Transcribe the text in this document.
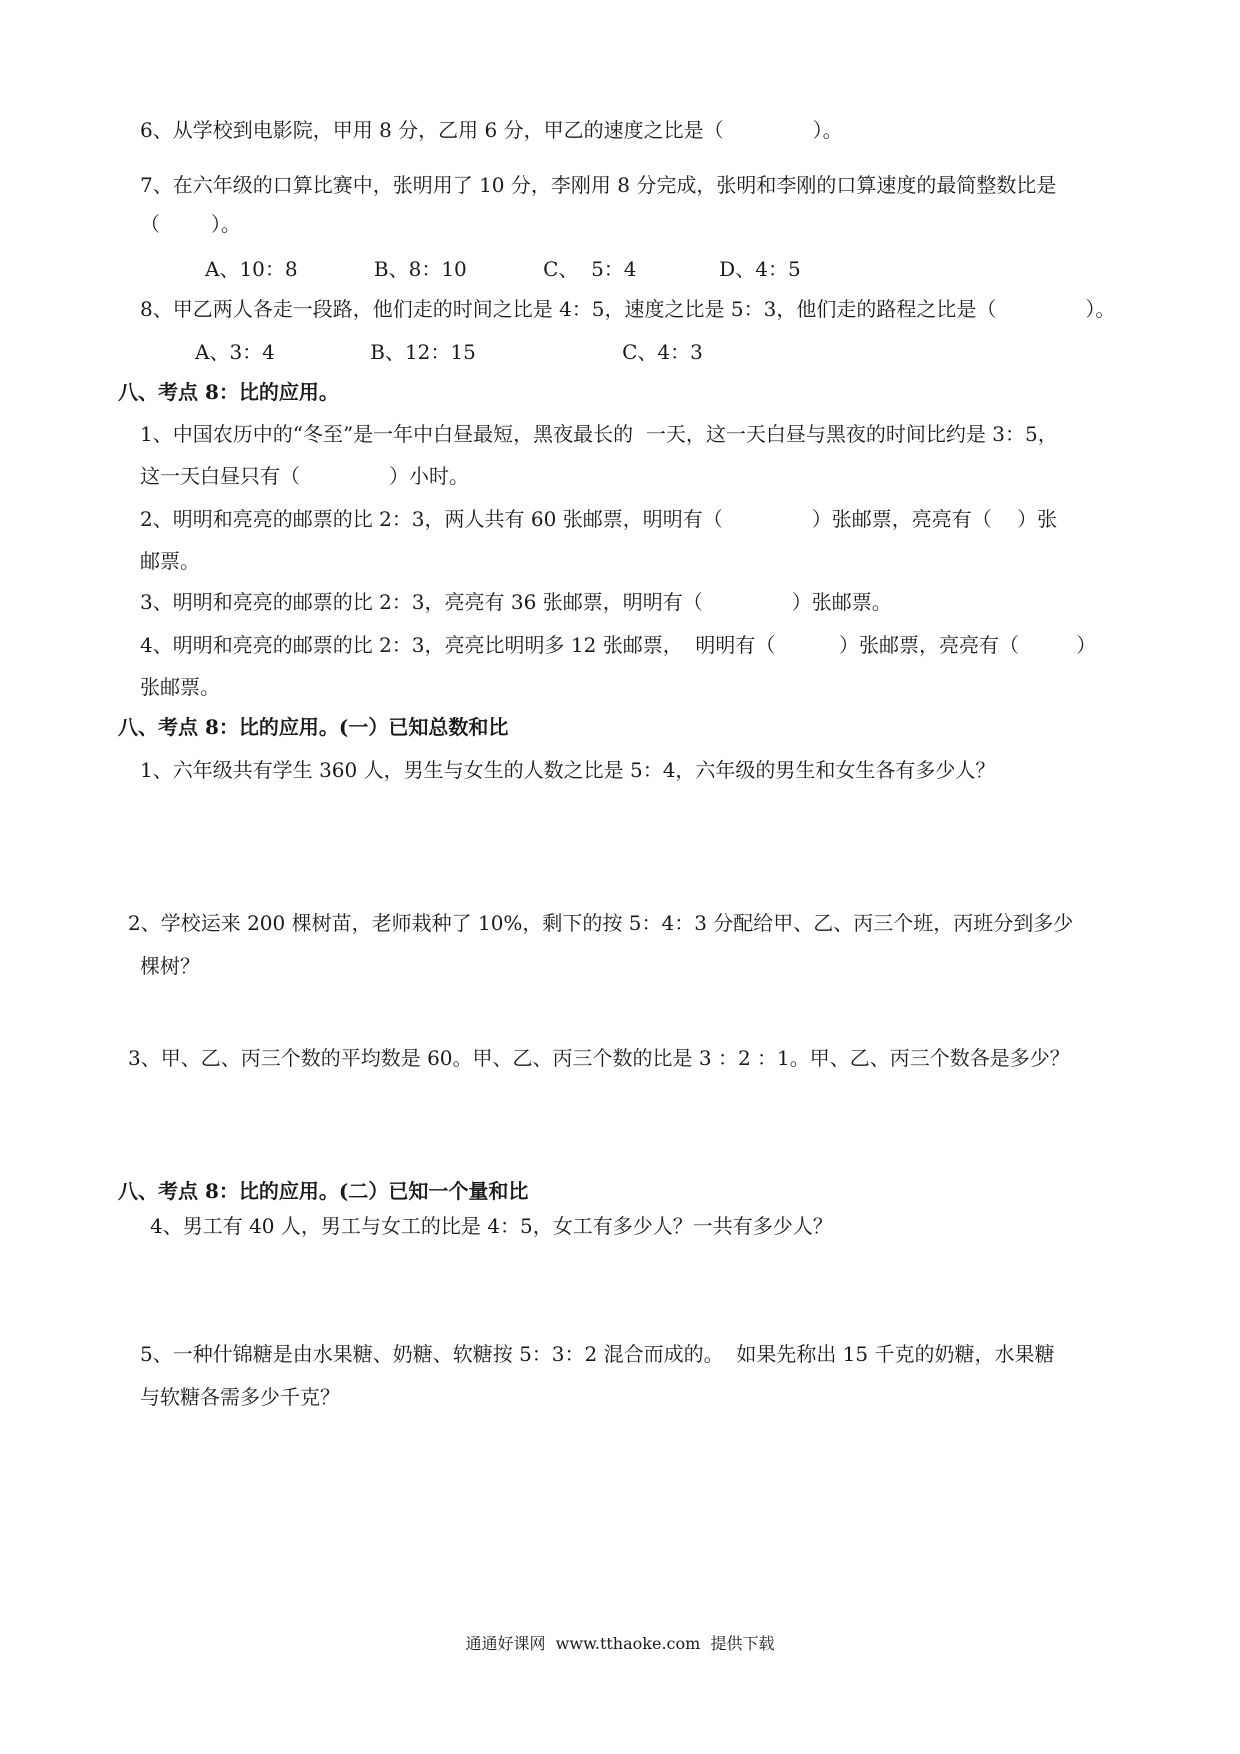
6、从学校到电影院，甲用 8 分，乙用 6 分，甲乙的速度之比是（              ）。
7、在六年级的口算比赛中，张明用了 10 分，李刚用 8 分完成，张明和李刚的口算速度的最简整数比是
（        ）。
A、10：8            B、8：10            C、  5：4             D、4：5
8、甲乙两人各走一段路，他们走的时间之比是 4：5，速度之比是 5：3，他们走的路程之比是（              ）。
A、3：4               B、12：15                       C、4：3
八、考点 8：比的应用。
1、中国农历中的“冬至”是一年中白昼最短，黑夜最长的  一天，这一天白昼与黑夜的时间比约是 3：5，
这一天白昼只有（              ）小时。
2、明明和亮亮的邮票的比 2：3，两人共有 60 张邮票，明明有（              ）张邮票，亮亮有（    ）张
邮票。
3、明明和亮亮的邮票的比 2：3，亮亮有 36 张邮票，明明有（              ）张邮票。
4、明明和亮亮的邮票的比 2：3，亮亮比明明多 12 张邮票，  明明有（          ）张邮票，亮亮有（         ）
张邮票。
八、考点 8：比的应用。(一）已知总数和比
1、六年级共有学生 360 人，男生与女生的人数之比是 5：4，六年级的男生和女生各有多少人？
2、学校运来 200 棵树苗，老师栽种了 10%，剩下的按 5：4：3 分配给甲、乙、丙三个班，丙班分到多少
棵树？
3、甲、乙、丙三个数的平均数是 60。甲、乙、丙三个数的比是 3 ：2 ：1。甲、乙、丙三个数各是多少？
八、考点 8：比的应用。(二）已知一个量和比
4、男工有 40 人，男工与女工的比是 4：5，女工有多少人？一共有多少人？
5、一种什锦糖是由水果糖、奶糖、软糖按 5：3：2 混合而成的。  如果先称出 15 千克的奶糖，水果糖
与软糖各需多少千克？
通通好课网  www.tthaoke.com  提供下载
